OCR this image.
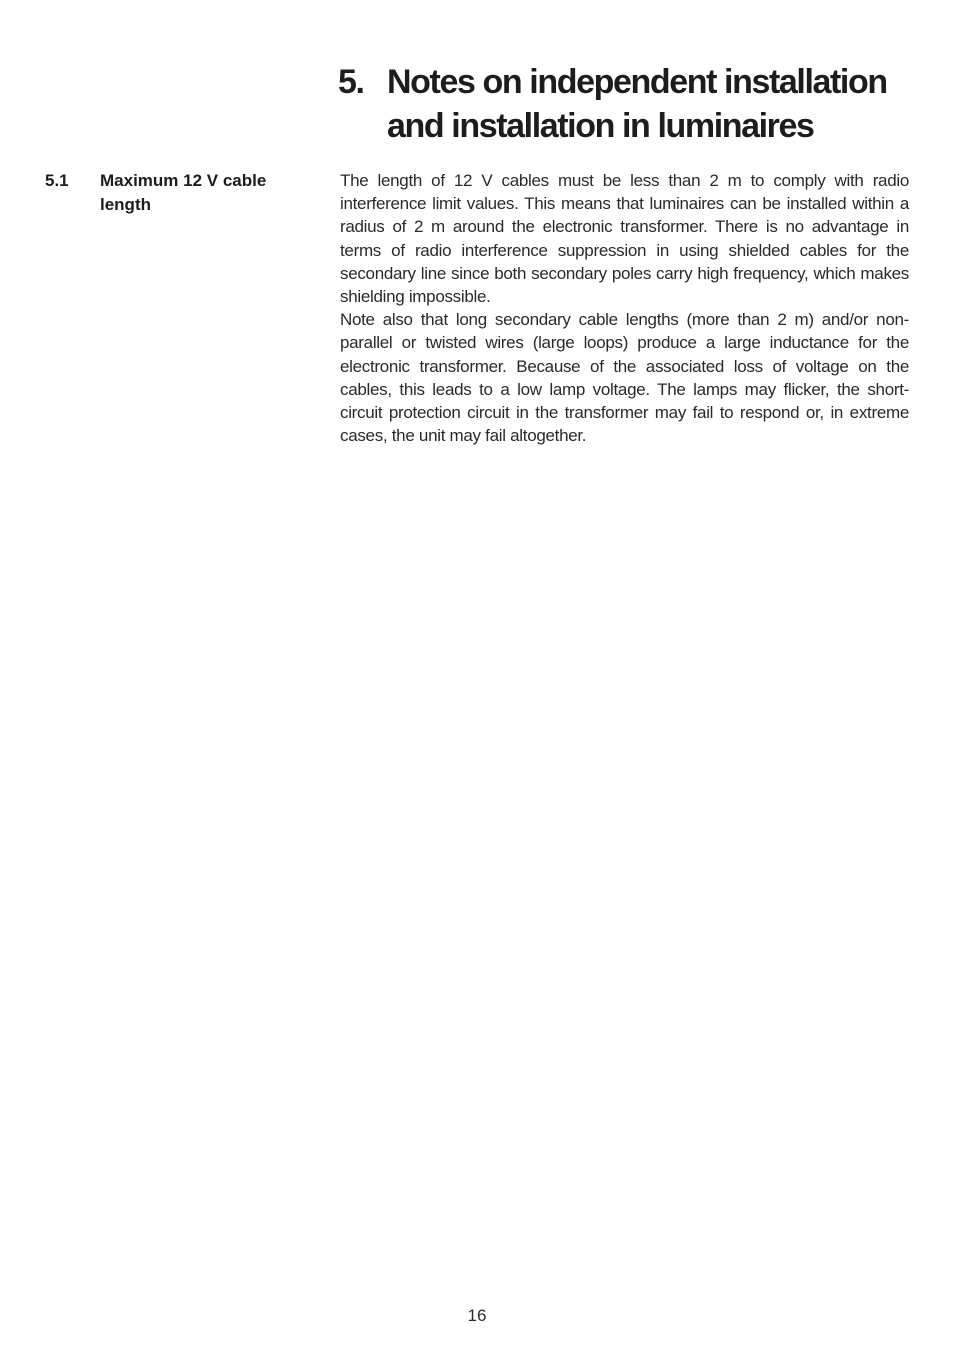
5. Notes on independent installation and installation in luminaires
5.1 Maximum 12 V cable length

The length of 12 V cables must be less than 2 m to comply with radio interference limit values. This means that luminaires can be installed within a radius of 2 m around the electronic transformer. There is no advantage in terms of radio interference suppression in using shielded cables for the secondary line since both secondary poles carry high frequency, which makes shielding impossible.

Note also that long secondary cable lengths (more than 2 m) and/or non-parallel or twisted wires (large loops) produce a large inductance for the electronic transformer. Because of the associated loss of voltage on the cables, this leads to a low lamp voltage. The lamps may flicker, the short-circuit protection circuit in the transformer may fail to respond or, in extreme cases, the unit may fail altogether.

16
